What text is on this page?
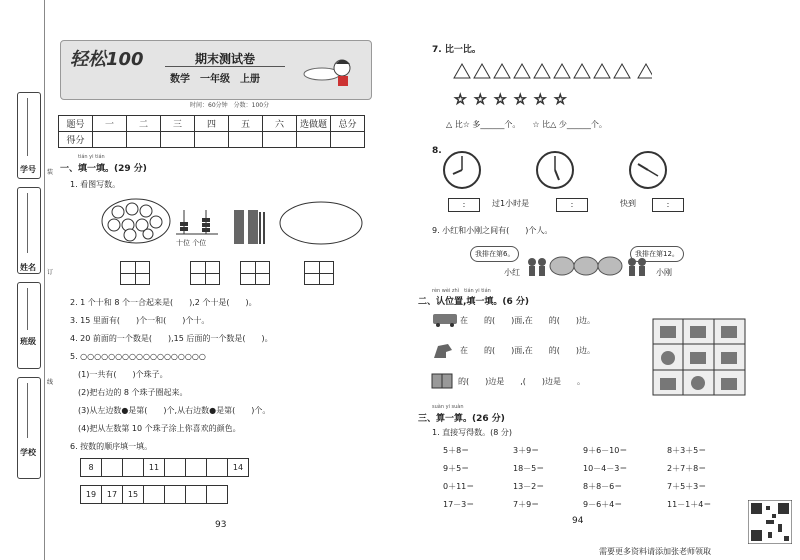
学号
姓名
班级
学校
装
订
线
轻松100	期末测试卷
数学　一年级　上册
时间：60分钟　分数：100分
题号	一	二	三	四	五	六	选做题	总分
得分								
tián yi tián
一、填一填。(29 分)
1. 看图写数。
十位 个位
2. 1 个十和 8 个一合起来是(　　),2 个十是(　　)。
3. 15 里面有(　　)个一和(　　)个十。
4. 20 前面的一个数是(　　),15 后面的一个数是(　　)。
5. ○○○○○○○○○○○○○○○○○○
(1)一共有(　　)个珠子。
(2)把右边的 8 个珠子圈起来。
(3)从左边数●是第(　　)个,从右边数●是第(　　)个。
(4)把从左数第 10 个珠子涂上你喜欢的颜色。
6. 按数的顺序填一填。
8			11				14
19	17	15				
93
7. 比一比。
☆ ☆ ☆ ☆ ☆ ☆
△ 比☆ 多______个。　　☆ 比△ 少______个。
8.
:	过1小时是	:	快到	:
9. 小红和小刚之间有(　　)个人。
我排在第6。	我排在第12。
小红	小刚
rèn wèi zhì　tián yi tián
二、认位置,填一填。(6 分)
在　　的(　　)面,在　　的(　　)边。
在　　的(　　)面,在　　的(　　)边。
的(　　)边是　　,(　　)边是　　。
suàn yi suàn
三、算一算。(26 分)
1. 直接写得数。(8 分)
5＋8＝	3＋9＝	9＋6－10＝	8＋3＋5＝
9＋5＝	18－5＝	10－4－3＝	2＋7＋8＝
0＋11＝	13－2＝	8＋8－6＝	7＋5＋3＝
17－3＝	7＋9＝	9－6＋4＝	11－1＋4＝
94
需要更多资料请添加张老师领取
